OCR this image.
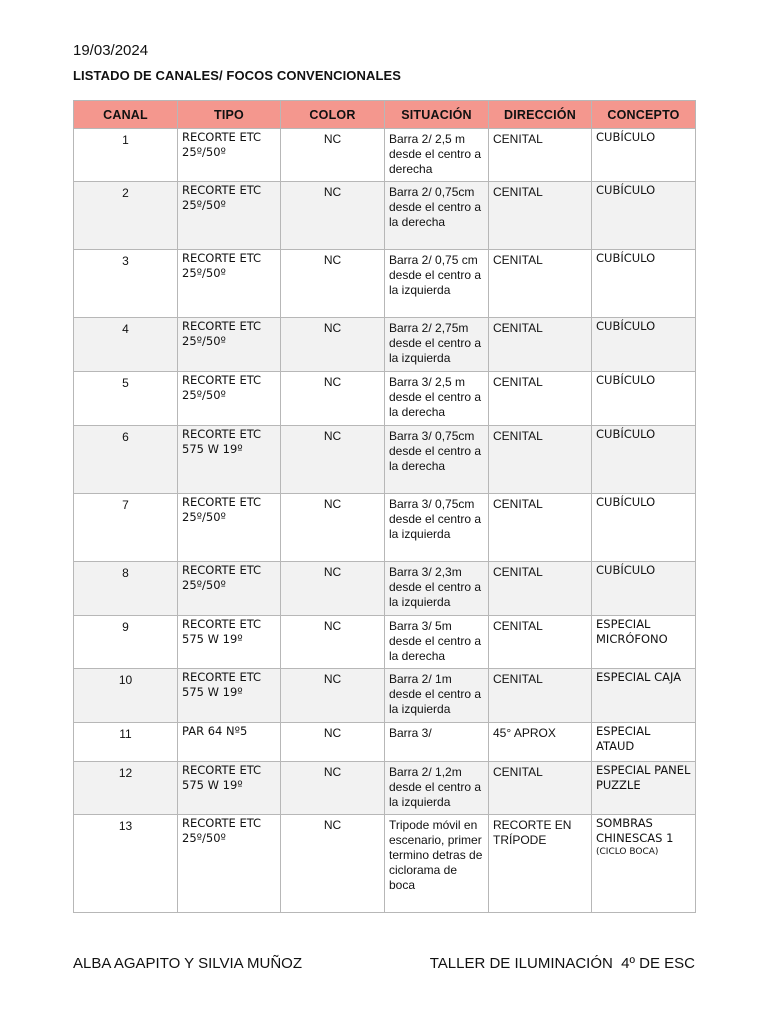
19/03/2024
LISTADO DE CANALES/ FOCOS CONVENCIONALES
CANAL	TIPO	COLOR	SITUACIÓN	DIRECCIÓN	CONCEPTO

1	RECORTE ETC 25º/50º	NC	Barra 2/ 2,5 m desde el centro a derecha	CENITAL	CUBÍCULO

2	RECORTE ETC 25º/50º	NC	Barra 2/ 0,75cm desde el centro a la derecha	CENITAL	CUBÍCULO

3	RECORTE ETC 25º/50º	NC	Barra 2/ 0,75 cm desde el centro a la izquierda	CENITAL	CUBÍCULO

4	RECORTE ETC 25º/50º	NC	Barra 2/ 2,75m desde el centro a la izquierda	CENITAL	CUBÍCULO

5	RECORTE ETC 25º/50º	NC	Barra 3/ 2,5 m desde el centro a la derecha	CENITAL	CUBÍCULO

6	RECORTE ETC 575 W 19º	NC	Barra 3/ 0,75cm desde el centro a la derecha	CENITAL	CUBÍCULO

7	RECORTE ETC 25º/50º	NC	Barra 3/ 0,75cm desde el centro a la izquierda	CENITAL	CUBÍCULO

8	RECORTE ETC 25º/50º	NC	Barra 3/ 2,3m desde el centro a la izquierda	CENITAL	CUBÍCULO

9	RECORTE ETC 575 W 19º	NC	Barra 3/ 5m desde el centro a la derecha	CENITAL	ESPECIAL MICRÓFONO

10	RECORTE ETC 575 W 19º	NC	Barra 2/ 1m desde el centro a la izquierda	CENITAL	ESPECIAL CAJA

11	PAR 64 Nº5	NC	Barra 3/	45° APROX	ESPECIAL ATAUD

12	RECORTE ETC 575 W 19º	NC	Barra 2/ 1,2m desde el centro a la izquierda	CENITAL	ESPECIAL PANEL PUZZLE

13	RECORTE ETC 25º/50º	NC	Tripode móvil en escenario, primer termino detras de ciclorama de boca	RECORTE EN TRÍPODE	SOMBRAS CHINESCAS 1

(CICLO BOCA)
ALBA AGAPITO Y SILVIA MUÑOZ	TALLER DE ILUMINACIÓN  4º DE ESC
